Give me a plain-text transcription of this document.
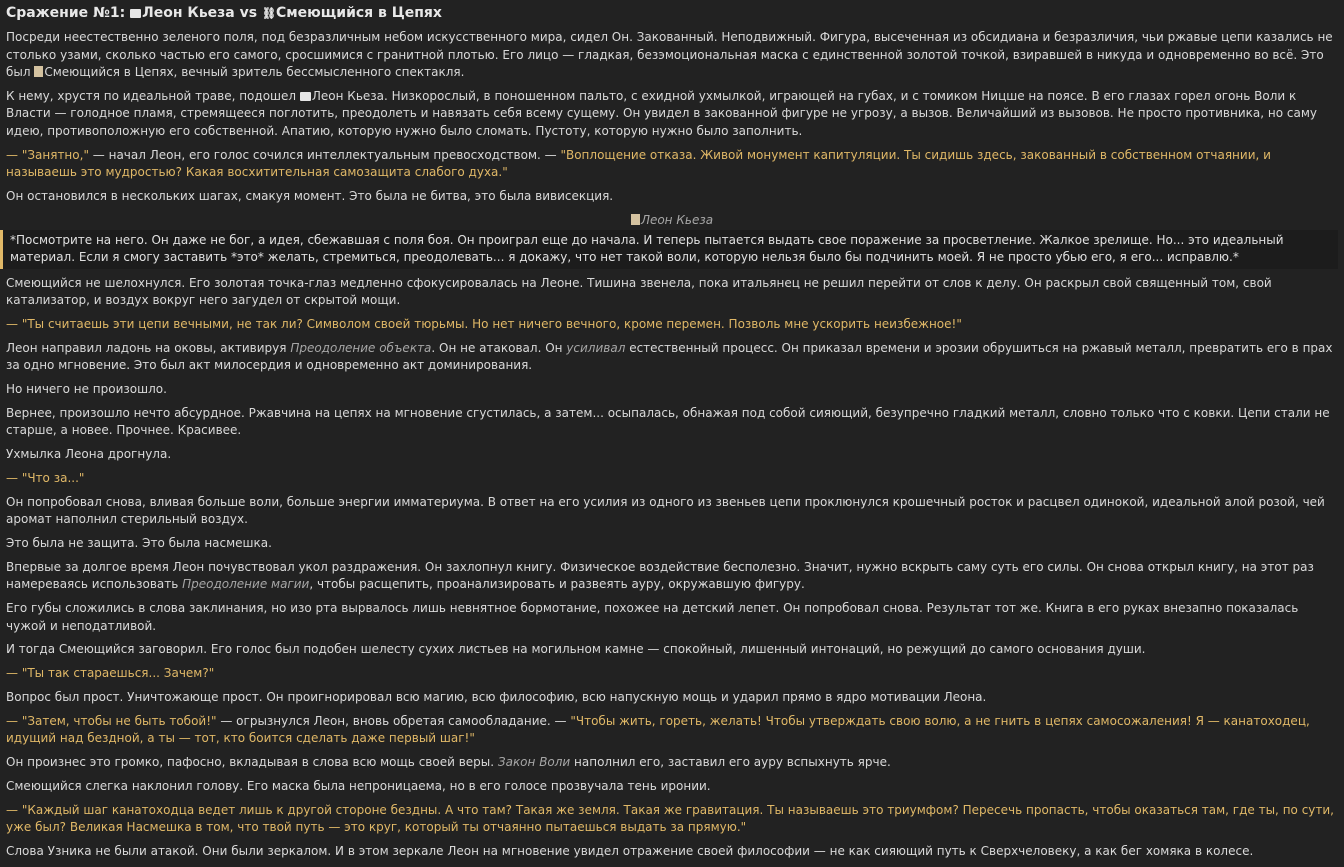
Сражение №1: Леон Кьеза vs ⛓Смеющийся в Цепях

Посреди неестественно зеленого поля, под безразличным небом искусственного мира, сидел Он. Закованный. Неподвижный. Фигура, высеченная из обсидиана и безразличия, чьи ржавые цепи казались не столько узами, сколько частью его самого, сросшимися с гранитной плотью. Его лицо — гладкая, безэмоциональная маска с единственной золотой точкой, взиравшей в никуда и одновременно во всё. Это был Смеющийся в Цепях, вечный зритель бессмысленного спектакля.

К нему, хрустя по идеальной траве, подошел Леон Кьеза. Низкорослый, в поношенном пальто, с ехидной ухмылкой, играющей на губах, и с томиком Ницше на поясе. В его глазах горел огонь Воли к Власти — голодное пламя, стремящееся поглотить, преодолеть и навязать себя всему сущему. Он увидел в закованной фигуре не угрозу, а вызов. Величайший из вызовов. Не просто противника, но саму идею, противоположную его собственной. Апатию, которую нужно было сломать. Пустоту, которую нужно было заполнить.

— "Занятно," — начал Леон, его голос сочился интеллектуальным превосходством. — "Воплощение отказа. Живой монумент капитуляции. Ты сидишь здесь, закованный в собственном отчаянии, и называешь это мудростью? Какая восхитительная самозащита слабого духа."

Он остановился в нескольких шагах, смакуя момент. Это была не битва, это была вивисекция.

Леон Кьеза
*Посмотрите на него. Он даже не бог, а идея, сбежавшая с поля боя. Он проиграл еще до начала. И теперь пытается выдать свое поражение за просветление. Жалкое зрелище. Но... это идеальный материал. Если я смогу заставить *это* желать, стремиться, преодолевать... я докажу, что нет такой воли, которую нельзя было бы подчинить моей. Я не просто убью его, я его... исправлю.*

Смеющийся не шелохнулся. Его золотая точка-глаз медленно сфокусировалась на Леоне. Тишина звенела, пока итальянец не решил перейти от слов к делу. Он раскрыл свой священный том, свой катализатор, и воздух вокруг него загудел от скрытой мощи.

— "Ты считаешь эти цепи вечными, не так ли? Символом своей тюрьмы. Но нет ничего вечного, кроме перемен. Позволь мне ускорить неизбежное!"

Леон направил ладонь на оковы, активируя Преодоление объекта. Он не атаковал. Он усиливал естественный процесс. Он приказал времени и эрозии обрушиться на ржавый металл, превратить его в прах за одно мгновение. Это был акт милосердия и одновременно акт доминирования.

Но ничего не произошло.

Вернее, произошло нечто абсурдное. Ржавчина на цепях на мгновение сгустилась, а затем... осыпалась, обнажая под собой сияющий, безупречно гладкий металл, словно только что с ковки. Цепи стали не старше, а новее. Прочнее. Красивее.

Ухмылка Леона дрогнула.

— "Что за..."

Он попробовал снова, вливая больше воли, больше энергии имматериума. В ответ на его усилия из одного из звеньев цепи проклюнулся крошечный росток и расцвел одинокой, идеальной алой розой, чей аромат наполнил стерильный воздух.

Это была не защита. Это была насмешка.

Впервые за долгое время Леон почувствовал укол раздражения. Он захлопнул книгу. Физическое воздействие бесполезно. Значит, нужно вскрыть саму суть его силы. Он снова открыл книгу, на этот раз намереваясь использовать Преодоление магии, чтобы расщепить, проанализировать и развеять ауру, окружавшую фигуру.

Его губы сложились в слова заклинания, но изо рта вырвалось лишь невнятное бормотание, похожее на детский лепет. Он попробовал снова. Результат тот же. Книга в его руках внезапно показалась чужой и неподатливой.

И тогда Смеющийся заговорил. Его голос был подобен шелесту сухих листьев на могильном камне — спокойный, лишенный интонаций, но режущий до самого основания души.

— "Ты так стараешься... Зачем?"

Вопрос был прост. Уничтожающе прост. Он проигнорировал всю магию, всю философию, всю напускную мощь и ударил прямо в ядро мотивации Леона.

— "Затем, чтобы не быть тобой!" — огрызнулся Леон, вновь обретая самообладание. — "Чтобы жить, гореть, желать! Чтобы утверждать свою волю, а не гнить в цепях самосожаления! Я — канатоходец, идущий над бездной, а ты — тот, кто боится сделать даже первый шаг!"

Он произнес это громко, пафосно, вкладывая в слова всю мощь своей веры. Закон Воли наполнил его, заставил его ауру вспыхнуть ярче.

Смеющийся слегка наклонил голову. Его маска была непроницаема, но в его голосе прозвучала тень иронии.

— "Каждый шаг канатоходца ведет лишь к другой стороне бездны. А что там? Такая же земля. Такая же гравитация. Ты называешь это триумфом? Пересечь пропасть, чтобы оказаться там, где ты, по сути, уже был? Великая Насмешка в том, что твой путь — это круг, который ты отчаянно пытаешься выдать за прямую."

Слова Узника не были атакой. Они были зеркалом. И в этом зеркале Леон на мгновение увидел отражение своей философии — не как сияющий путь к Сверхчеловеку, а как бег хомяка в колесе.
